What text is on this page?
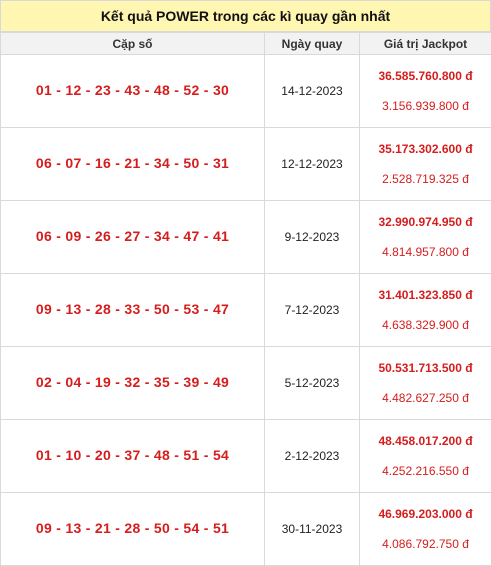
Kết quả POWER trong các kì quay gần nhất
Cặp số	Ngày quay	Giá trị Jackpot
01 - 12 - 23 - 43 - 48 - 52 - 30	14-12-2023	36.585.760.800 đ
3.156.939.800 đ

06 - 07 - 16 - 21 - 34 - 50 - 31	12-12-2023	35.173.302.600 đ
2.528.719.325 đ

06 - 09 - 26 - 27 - 34 - 47 - 41	9-12-2023	32.990.974.950 đ
4.814.957.800 đ

09 - 13 - 28 - 33 - 50 - 53 - 47	7-12-2023	31.401.323.850 đ
4.638.329.900 đ

02 - 04 - 19 - 32 - 35 - 39 - 49	5-12-2023	50.531.713.500 đ
4.482.627.250 đ

01 - 10 - 20 - 37 - 48 - 51 - 54	2-12-2023	48.458.017.200 đ
4.252.216.550 đ

09 - 13 - 21 - 28 - 50 - 54 - 51	30-11-2023	46.969.203.000 đ
4.086.792.750 đ
